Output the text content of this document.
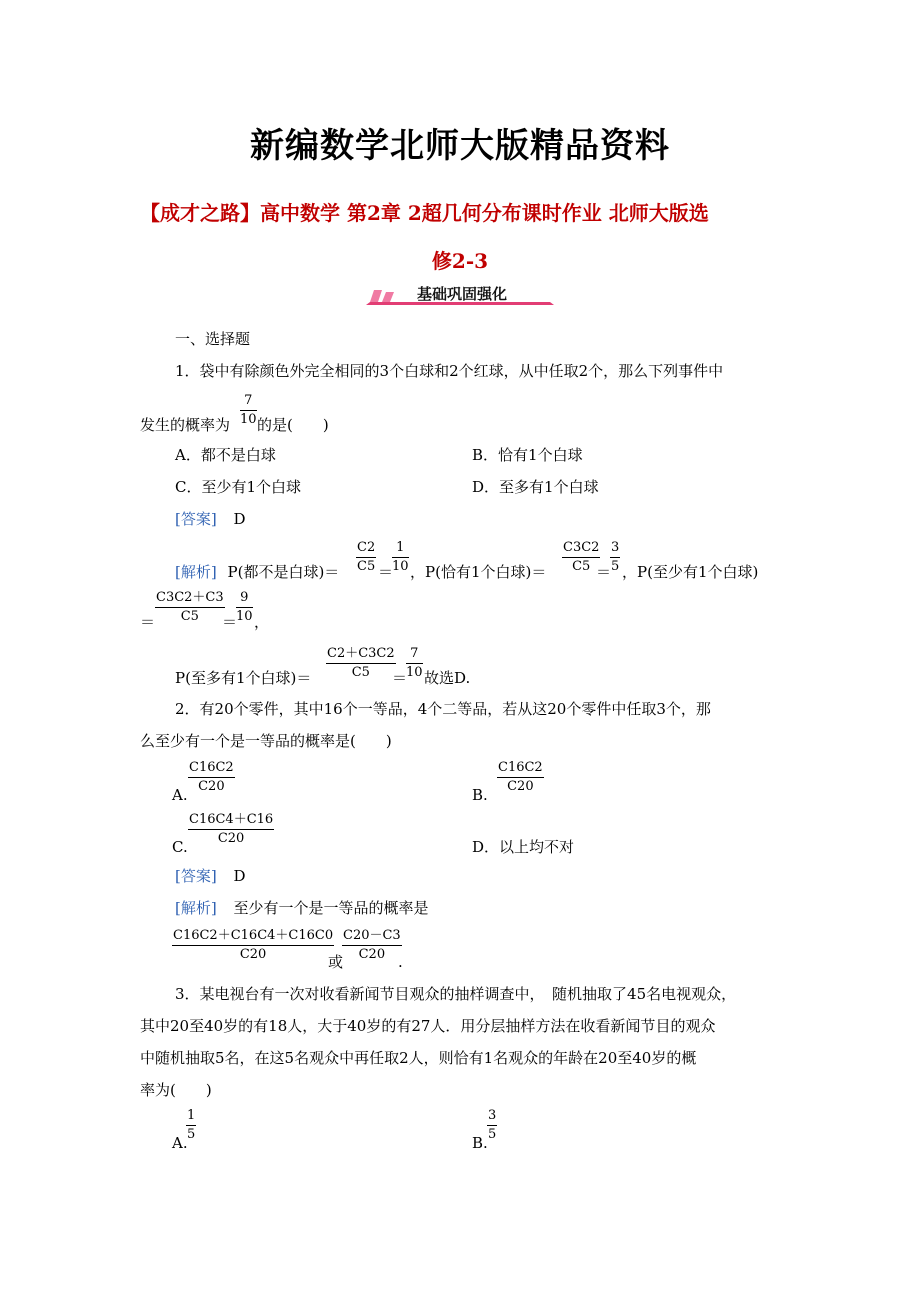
新编数学北师大版精品资料
【成才之路】高中数学 第2章 2超几何分布课时作业 北师大版选
修2-3
基础巩固强化
一、选择题
1．袋中有除颜色外完全相同的3个白球和2个红球，从中任取2个，那么下列事件中
发生的概率为 $\frac{7}{10}$ 的是(　　)
A．都不是白球	B．恰有1个白球
C．至少有1个白球	D．至多有1个白球
[答案] D
[解析] P(都不是白球)＝ $\frac{C2}{C5}$ ＝
$\frac{1}{10}$ ，P(恰有1个白球)＝ $\frac{C3C2}{C5}$
＝
$\frac{3}{5}$ ，P(至少有1个白球)
＝ $\frac{C3C2+C3}{C5}$
＝
$\frac{9}{10}$ ，
P(至多有1个白球)＝ $\frac{C2+C3C2}{C5}$
＝
$\frac{7}{10}$ 故选D.
2．有20个零件，其中16个一等品，4个二等品，若从这20个零件中任取3个，那
么至少有一个是一等品的概率是(　　)
A. $\frac{C16C2}{C20}$	B. $\frac{C16C2}{C20}$
C. $\frac{C16C4+C16}{C20}$	D．以上均不对
[答案] D
[解析] 至少有一个是一等品的概率是
$\frac{C16C2+C16C4+C16C0}{C20}$
或
$\frac{C20-C3}{C20}$
.
3．某电视台有一次对收看新闻节目观众的抽样调查中，　随机抽取了45名电视观众，
其中20至40岁的有18人，大于40岁的有27人．用分层抽样方法在收看新闻节目的观众
中随机抽取5名，在这5名观众中再任取2人，则恰有1名观众的年龄在20至40岁的概
率为(　　)
A.
$\frac{1}{5}$	B. $\frac{3}{5}$
